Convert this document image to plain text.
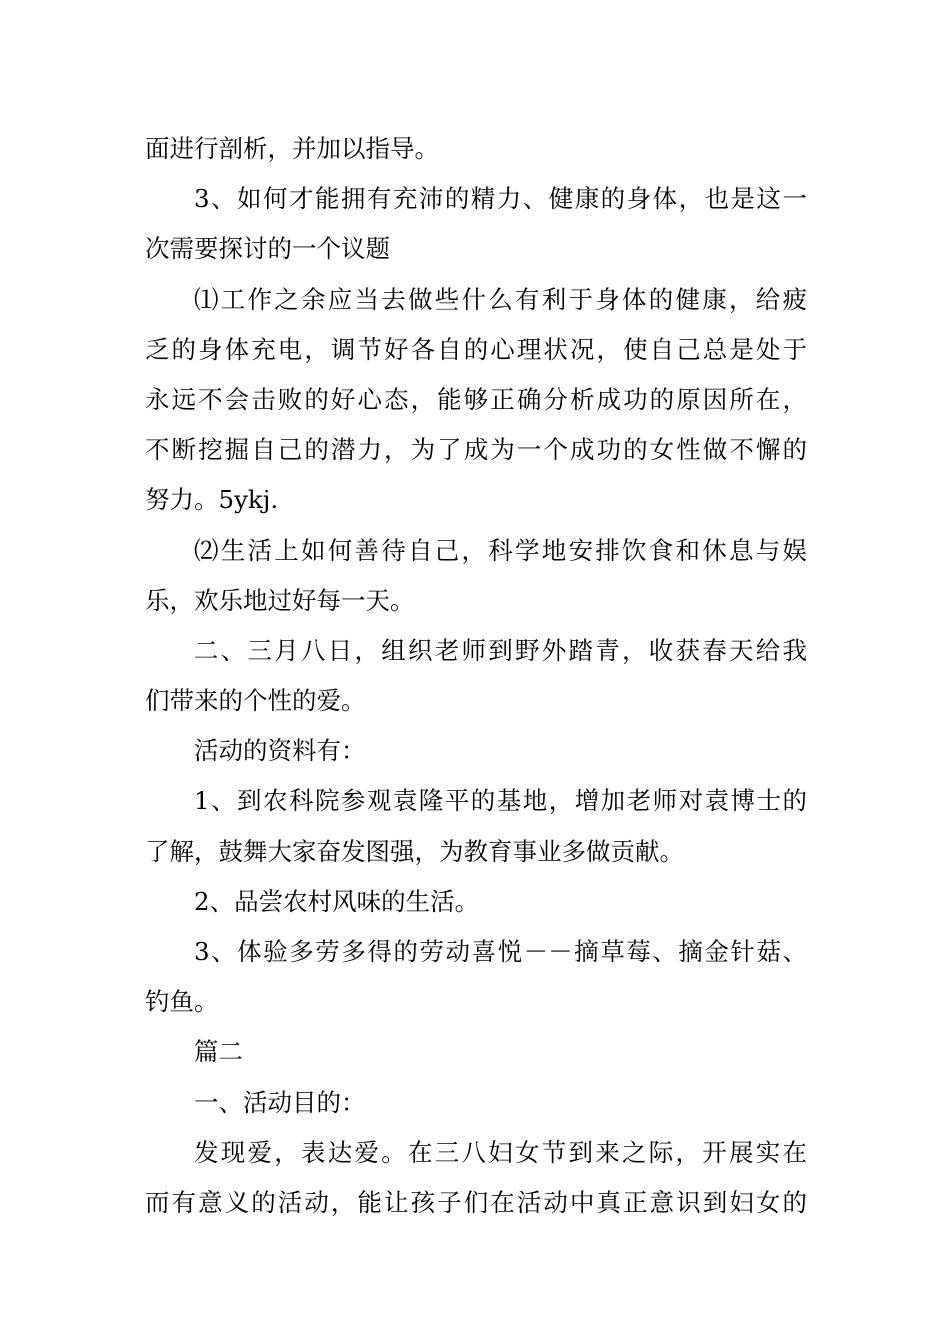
面进行剖析，并加以指导。
3、如何才能拥有充沛的精力、健康的身体，也是这一
次需要探讨的一个议题
⑴工作之余应当去做些什么有利于身体的健康，给疲
乏的身体充电，调节好各自的心理状况，使自己总是处于
永远不会击败的好心态，能够正确分析成功的原因所在，
不断挖掘自己的潜力，为了成为一个成功的女性做不懈的
努力。5ykj.
⑵生活上如何善待自己，科学地安排饮食和休息与娱
乐，欢乐地过好每一天。
二、三月八日，组织老师到野外踏青，收获春天给我
们带来的个性的爱。
活动的资料有：
1、到农科院参观袁隆平的基地，增加老师对袁博士的
了解，鼓舞大家奋发图强，为教育事业多做贡献。
2、品尝农村风味的生活。
3、体验多劳多得的劳动喜悦－－摘草莓、摘金针菇、
钓鱼。
篇二
一、活动目的：
发现爱，表达爱。在三八妇女节到来之际，开展实在
而有意义的活动，能让孩子们在活动中真正意识到妇女的
